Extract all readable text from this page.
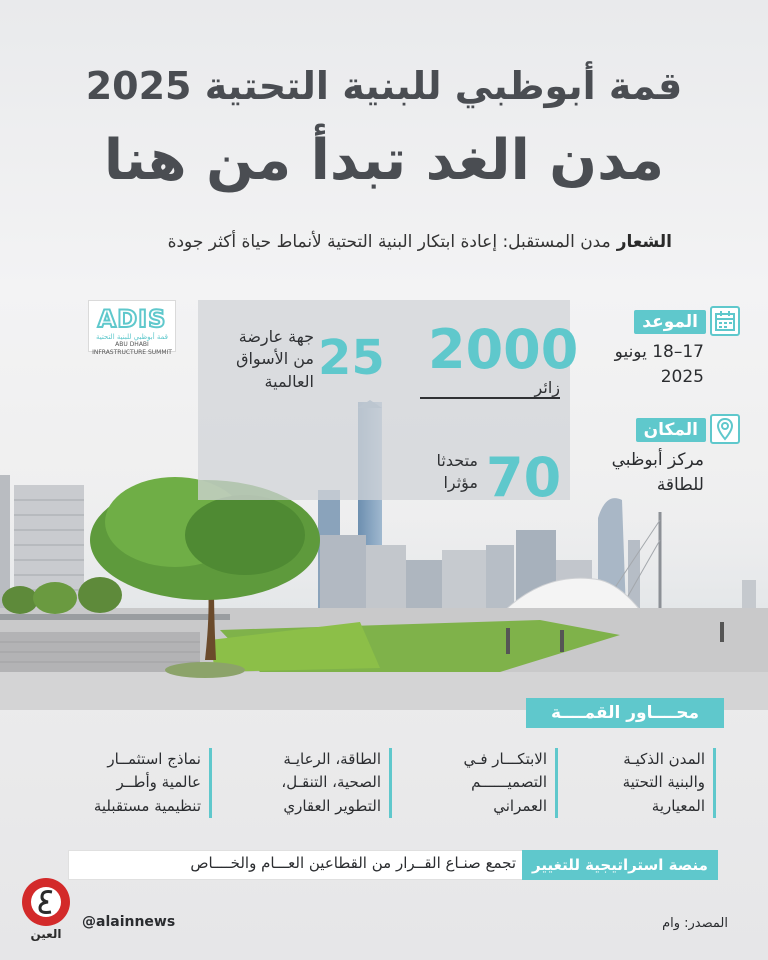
قمة أبوظبي للبنية التحتية 2025
مدن الغد تبدأ من هنا
الشعارمدن المستقبل: إعادة ابتكار البنية التحتية لأنماط حياة أكثر جودة
2000
زائر
25
جهة عارضة
من الأسواق
العالمية
70
متحدثا
مؤثرا
ADIS
قمة أبوظبي للبنية التحتية
ABU DHABI INFRASTRUCTURE SUMMIT
الموعد
17–18 يونيو
2025
المكان
مركز أبوظبي
للطاقة
محــــاور القمــــة
المدن الذكيـة
والبنية التحتية
المعيارية
الابتكـــار فـي
التصميــــــم
العمراني
الطاقة، الرعايـة
الصحية، التنقـل،
التطوير العقاري
نماذج استثمــار
عالمية وأطــر
تنظيمية مستقبلية
منصة استراتيجية للتغيير
تجمع صنـاع القــرار من القطاعين العـــام والخــــاص
العين
@alainnews	المصدر: وام
